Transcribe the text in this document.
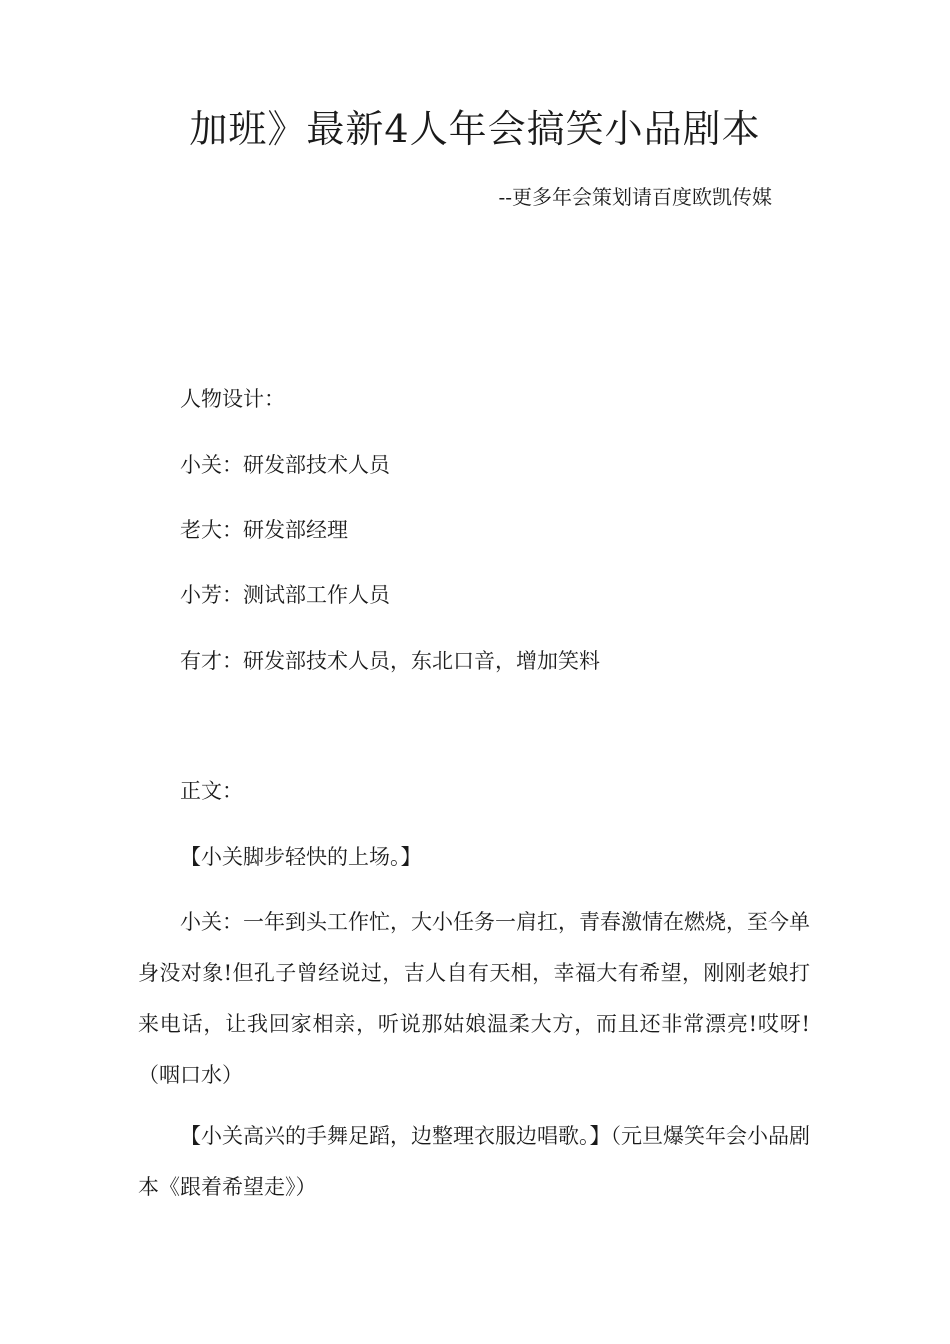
加班》最新4人年会搞笑小品剧本

--更多年会策划请百度欧凯传媒

人物设计：

小关：研发部技术人员

老大：研发部经理

小芳：测试部工作人员

有才：研发部技术人员，东北口音，增加笑料

正文：

【小关脚步轻快的上场。】

小关：一年到头工作忙，大小任务一肩扛，青春激情在燃烧，至今单身没对象!但孔子曾经说过，吉人自有天相，幸福大有希望，刚刚老娘打来电话，让我回家相亲，听说那姑娘温柔大方，而且还非常漂亮!哎呀!（咽口水）

【小关高兴的手舞足蹈，边整理衣服边唱歌。】（元旦爆笑年会小品剧本《跟着希望走》）
